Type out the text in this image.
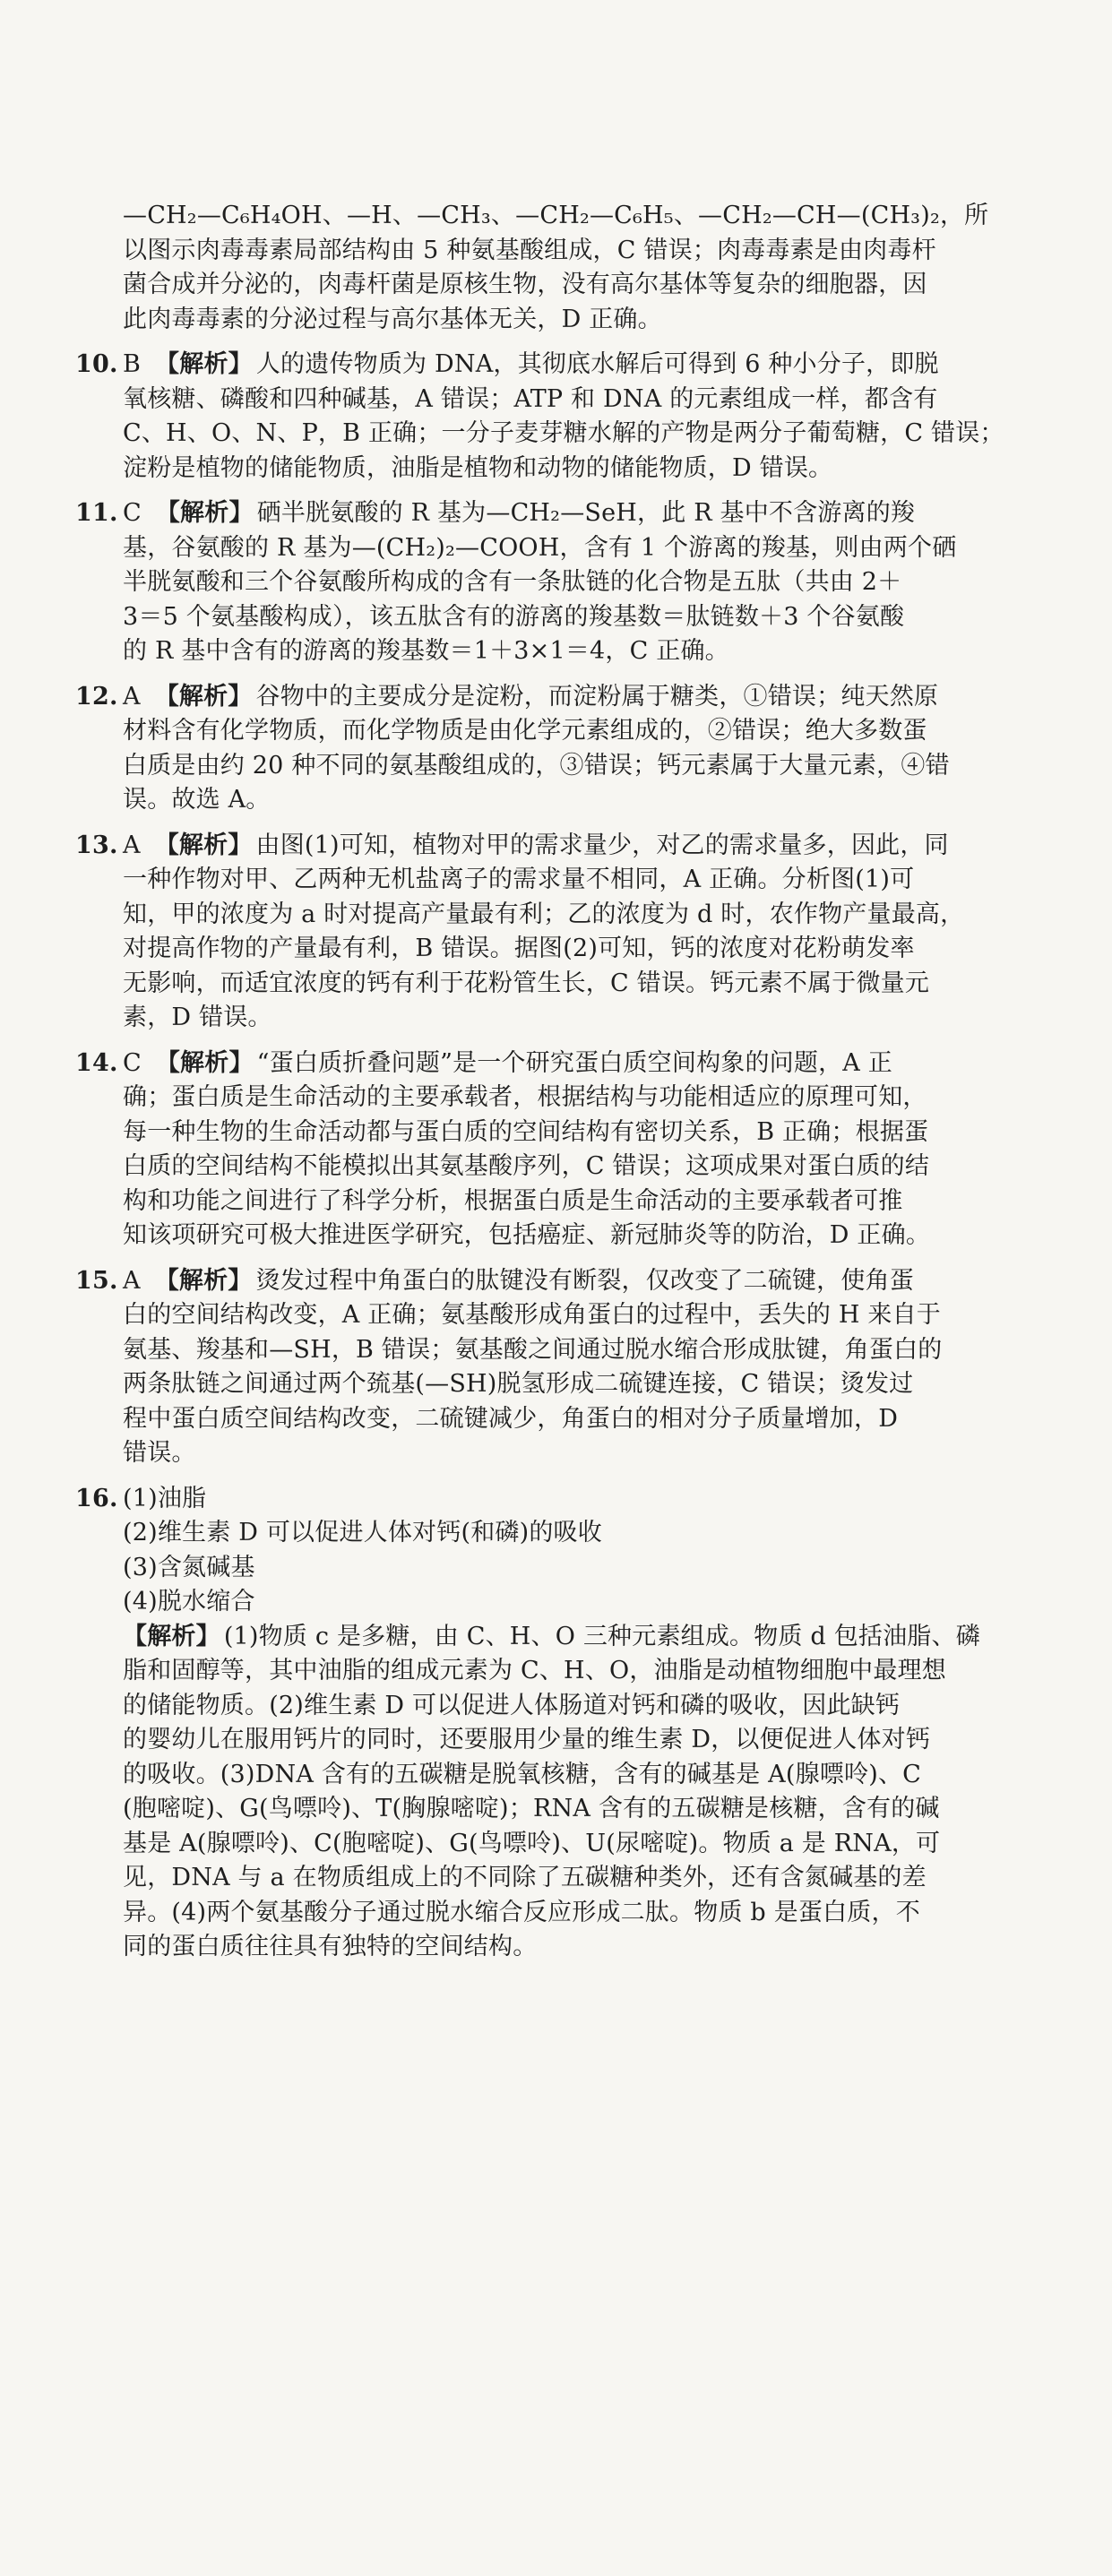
—CH₂—C₆H₄OH、—H、—CH₃、—CH₂—C₆H₅、—CH₂—CH—(CH₃)₂，所
以图示肉毒毒素局部结构由 5 种氨基酸组成，C 错误；肉毒毒素是由肉毒杆
菌合成并分泌的，肉毒杆菌是原核生物，没有高尔基体等复杂的细胞器，因
此肉毒毒素的分泌过程与高尔基体无关，D 正确。
10. B 【解析】 人的遗传物质为 DNA，其彻底水解后可得到 6 种小分子，即脱
氧核糖、磷酸和四种碱基，A 错误；ATP 和 DNA 的元素组成一样，都含有
C、H、O、N、P，B 正确；一分子麦芽糖水解的产物是两分子葡萄糖，C 错误；
淀粉是植物的储能物质，油脂是植物和动物的储能物质，D 错误。
11. C 【解析】 硒半胱氨酸的 R 基为—CH₂—SeH，此 R 基中不含游离的羧
基，谷氨酸的 R 基为—(CH₂)₂—COOH，含有 1 个游离的羧基，则由两个硒
半胱氨酸和三个谷氨酸所构成的含有一条肽链的化合物是五肽（共由 2＋
3＝5 个氨基酸构成），该五肽含有的游离的羧基数＝肽链数＋3 个谷氨酸
的 R 基中含有的游离的羧基数＝1＋3×1＝4，C 正确。
12. A 【解析】 谷物中的主要成分是淀粉，而淀粉属于糖类，①错误；纯天然原
材料含有化学物质，而化学物质是由化学元素组成的，②错误；绝大多数蛋
白质是由约 20 种不同的氨基酸组成的，③错误；钙元素属于大量元素，④错
误。故选 A。
13. A 【解析】 由图(1)可知，植物对甲的需求量少，对乙的需求量多，因此，同
一种作物对甲、乙两种无机盐离子的需求量不相同，A 正确。分析图(1)可
知，甲的浓度为 a 时对提高产量最有利；乙的浓度为 d 时，农作物产量最高，
对提高作物的产量最有利，B 错误。据图(2)可知，钙的浓度对花粉萌发率
无影响，而适宜浓度的钙有利于花粉管生长，C 错误。钙元素不属于微量元
素，D 错误。
14. C 【解析】 “蛋白质折叠问题”是一个研究蛋白质空间构象的问题，A 正
确；蛋白质是生命活动的主要承载者，根据结构与功能相适应的原理可知，
每一种生物的生命活动都与蛋白质的空间结构有密切关系，B 正确；根据蛋
白质的空间结构不能模拟出其氨基酸序列，C 错误；这项成果对蛋白质的结
构和功能之间进行了科学分析，根据蛋白质是生命活动的主要承载者可推
知该项研究可极大推进医学研究，包括癌症、新冠肺炎等的防治，D 正确。
15. A 【解析】 烫发过程中角蛋白的肽键没有断裂，仅改变了二硫键，使角蛋
白的空间结构改变，A 正确；氨基酸形成角蛋白的过程中，丢失的 H 来自于
氨基、羧基和—SH，B 错误；氨基酸之间通过脱水缩合形成肽键，角蛋白的
两条肽链之间通过两个巯基(—SH)脱氢形成二硫键连接，C 错误；烫发过
程中蛋白质空间结构改变，二硫键减少，角蛋白的相对分子质量增加，D
错误。
16. (1)油脂
(2)维生素 D 可以促进人体对钙(和磷)的吸收
(3)含氮碱基
(4)脱水缩合
【解析】 (1)物质 c 是多糖，由 C、H、O 三种元素组成。物质 d 包括油脂、磷
脂和固醇等，其中油脂的组成元素为 C、H、O，油脂是动植物细胞中最理想
的储能物质。(2)维生素 D 可以促进人体肠道对钙和磷的吸收，因此缺钙
的婴幼儿在服用钙片的同时，还要服用少量的维生素 D，以便促进人体对钙
的吸收。(3)DNA 含有的五碳糖是脱氧核糖，含有的碱基是 A(腺嘌呤)、C
(胞嘧啶)、G(鸟嘌呤)、T(胸腺嘧啶)；RNA 含有的五碳糖是核糖，含有的碱
基是 A(腺嘌呤)、C(胞嘧啶)、G(鸟嘌呤)、U(尿嘧啶)。物质 a 是 RNA，可
见，DNA 与 a 在物质组成上的不同除了五碳糖种类外，还有含氮碱基的差
异。(4)两个氨基酸分子通过脱水缩合反应形成二肽。物质 b 是蛋白质，不
同的蛋白质往往具有独特的空间结构。
